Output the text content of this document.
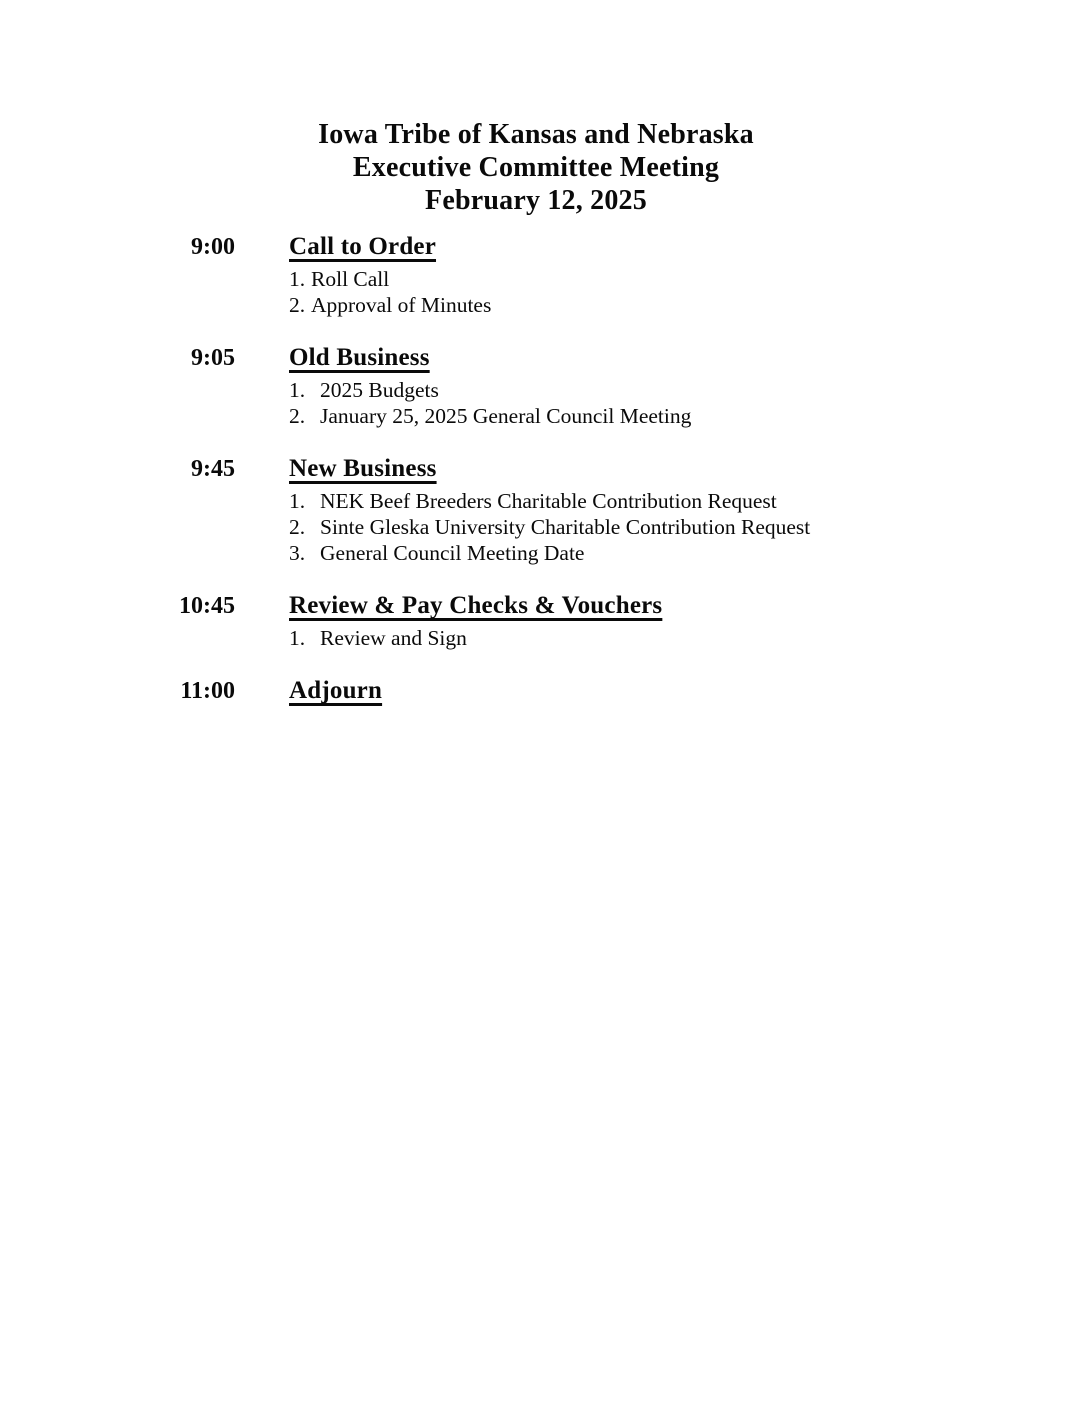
Iowa Tribe of Kansas and Nebraska
Executive Committee Meeting
February 12, 2025
9:00 Call to Order
1. Roll Call
2. Approval of Minutes
9:05 Old Business
1. 2025 Budgets
2. January 25, 2025 General Council Meeting
9:45 New Business
1. NEK Beef Breeders Charitable Contribution Request
2. Sinte Gleska University Charitable Contribution Request
3. General Council Meeting Date
10:45 Review & Pay Checks & Vouchers
1. Review and Sign
11:00 Adjourn
